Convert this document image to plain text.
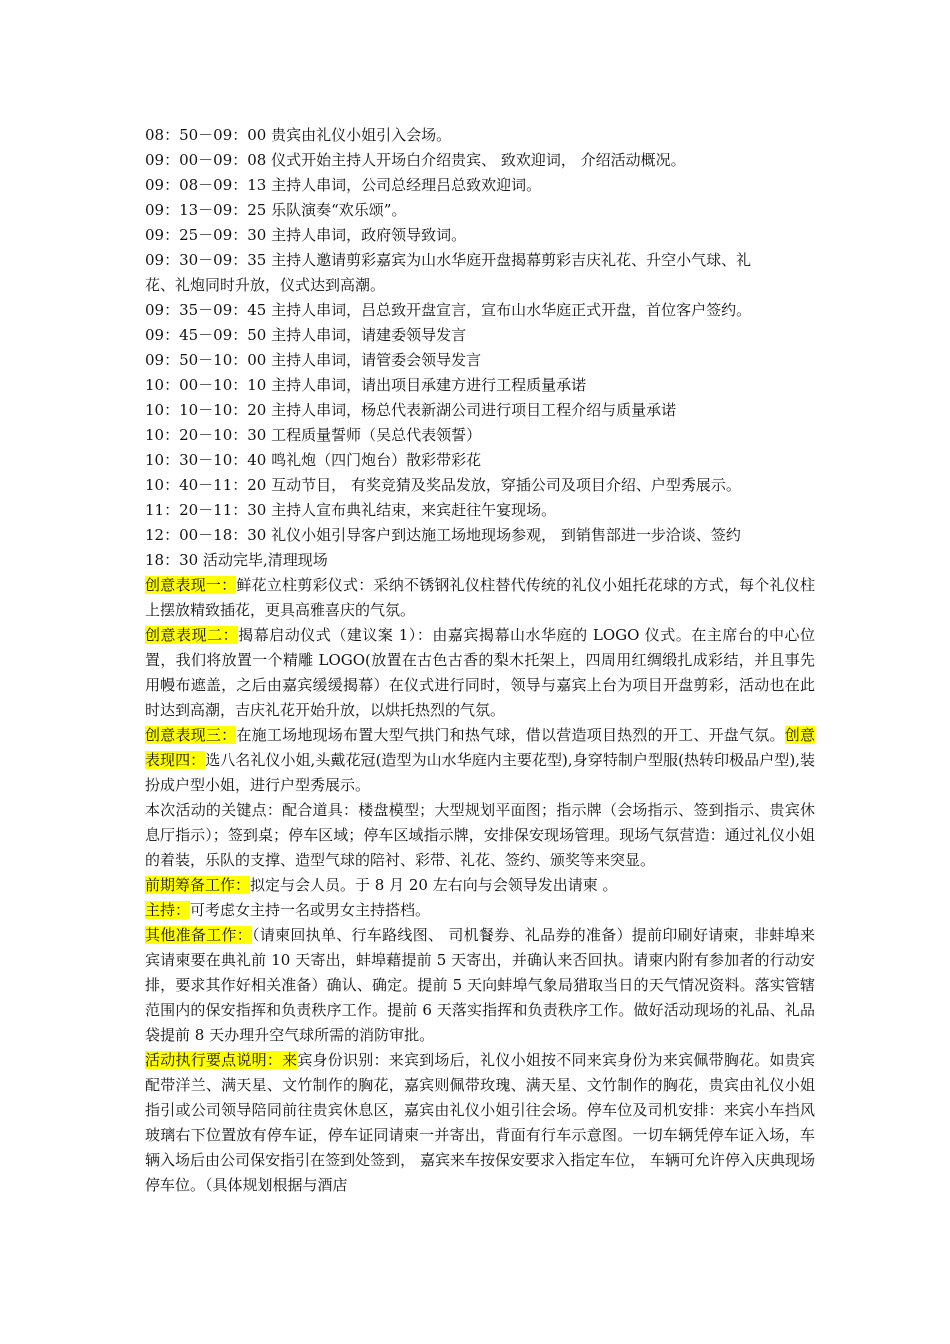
08：50－09：00 贵宾由礼仪小姐引入会场。
09：00－09：08 仪式开始主持人开场白介绍贵宾、 致欢迎词， 介绍活动概况。
09：08－09：13 主持人串词，公司总经理吕总致欢迎词。
09：13－09：25 乐队演奏“欢乐颂”。
09：25－09：30 主持人串词，政府领导致词。
09：30－09：35 主持人邀请剪彩嘉宾为山水华庭开盘揭幕剪彩吉庆礼花、升空小气球、礼
花、礼炮同时升放，仪式达到高潮。
09：35－09：45 主持人串词，吕总致开盘宣言，宣布山水华庭正式开盘，首位客户签约。
09：45－09：50 主持人串词，请建委领导发言
09：50－10：00 主持人串词，请管委会领导发言
10：00－10：10 主持人串词，请出项目承建方进行工程质量承诺
10：10－10：20 主持人串词，杨总代表新湖公司进行项目工程介绍与质量承诺
10：20－10：30 工程质量誓师（吴总代表领誓）
10：30－10：40 鸣礼炮（四门炮台）散彩带彩花
10：40－11：20 互动节目， 有奖竞猜及奖品发放，穿插公司及项目介绍、户型秀展示。
11：20－11：30 主持人宣布典礼结束，来宾赶往午宴现场。
12：00－18：30 礼仪小姐引导客户到达施工场地现场参观， 到销售部进一步洽谈、签约
18：30 活动完毕,清理现场

创意表现一：鲜花立柱剪彩仪式：采纳不锈钢礼仪柱替代传统的礼仪小姐托花球的方式，每个礼仪柱上摆放精致插花，更具高雅喜庆的气氛。

创意表现二：揭幕启动仪式（建议案 1）：由嘉宾揭幕山水华庭的 LOGO 仪式。在主席台的中心位置，我们将放置一个精雕 LOGO(放置在古色古香的梨木托架上，四周用红绸缎扎成彩结，并且事先用幔布遮盖，之后由嘉宾缓缓揭幕）在仪式进行同时，领导与嘉宾上台为项目开盘剪彩，活动也在此时达到高潮，吉庆礼花开始升放，以烘托热烈的气氛。

创意表现三：在施工场地现场布置大型气拱门和热气球，借以营造项目热烈的开工、开盘气氛。创意表现四：选八名礼仪小姐,头戴花冠(造型为山水华庭内主要花型),身穿特制户型服(热转印极品户型),装扮成户型小姐，进行户型秀展示。

本次活动的关键点：配合道具：楼盘模型；大型规划平面图；指示牌（会场指示、签到指示、贵宾休息厅指示）；签到桌；停车区域；停车区域指示牌，安排保安现场管理。现场气氛营造：通过礼仪小姐的着装，乐队的支撑、造型气球的陪衬、彩带、礼花、签约、颁奖等来突显。

前期筹备工作：拟定与会人员。于 8 月 20 左右向与会领导发出请柬 。

主持：可考虑女主持一名或男女主持搭档。

其他准备工作：（请柬回执单、行车路线图、 司机餐券、礼品券的准备）提前印刷好请柬，非蚌埠来宾请柬要在典礼前 10 天寄出，蚌埠藉提前 5 天寄出，并确认来否回执。请柬内附有参加者的行动安排，要求其作好相关准备）确认、确定。提前 5 天向蚌埠气象局猎取当日的天气情况资料。落实管辖范围内的保安指挥和负责秩序工作。提前 6 天落实指挥和负责秩序工作。做好活动现场的礼品、礼品袋提前 8 天办理升空气球所需的消防审批。

活动执行要点说明：来宾身份识别：来宾到场后，礼仪小姐按不同来宾身份为来宾佩带胸花。如贵宾配带洋兰、满天星、文竹制作的胸花，嘉宾则佩带玫瑰、满天星、文竹制作的胸花，贵宾由礼仪小姐指引或公司领导陪同前往贵宾休息区，嘉宾由礼仪小姐引往会场。停车位及司机安排：来宾小车挡风玻璃右下位置放有停车证，停车证同请柬一并寄出，背面有行车示意图。一切车辆凭停车证入场，车辆入场后由公司保安指引在签到处签到， 嘉宾来车按保安要求入指定车位， 车辆可允许停入庆典现场停车位。（具体规划根据与酒店
